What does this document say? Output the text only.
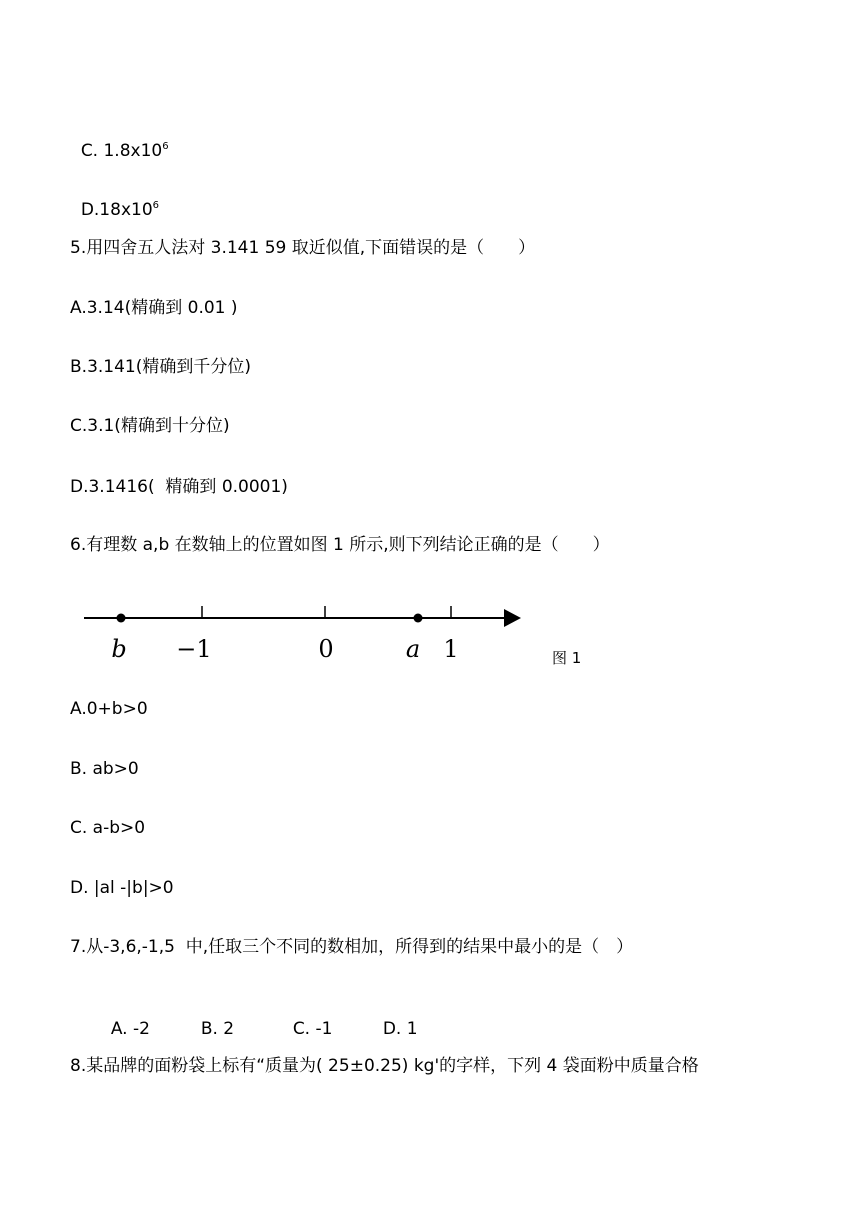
C. $1.8x10^6$

$D.18x10^6$

5.用四舍五人法对 3.141 59 取近似值,下面错误的是（　　）
A.3.14(精确到 0.01 )
B.3.141(精确到千分位)
C.3.1(精确到十分位)
D.3.1416(  精确到 0.0001)
6.有理数 a,b 在数轴上的位置如图 1 所示,则下列结论正确的是（　　）
b −1	0	a 1	图 1
A.0+b>0
B. ab>0
C. a-b>0
D. |al -|b|>0
7.从-3,6,-1,5  中,任取三个不同的数相加，所得到的结果中最小的是（　）

A. -2	B. 2	C. -1	D. 1

8.某品牌的面粉袋上标有“质量为( 25±0.25) kg'的字样，下列 4 袋面粉中质量合格
